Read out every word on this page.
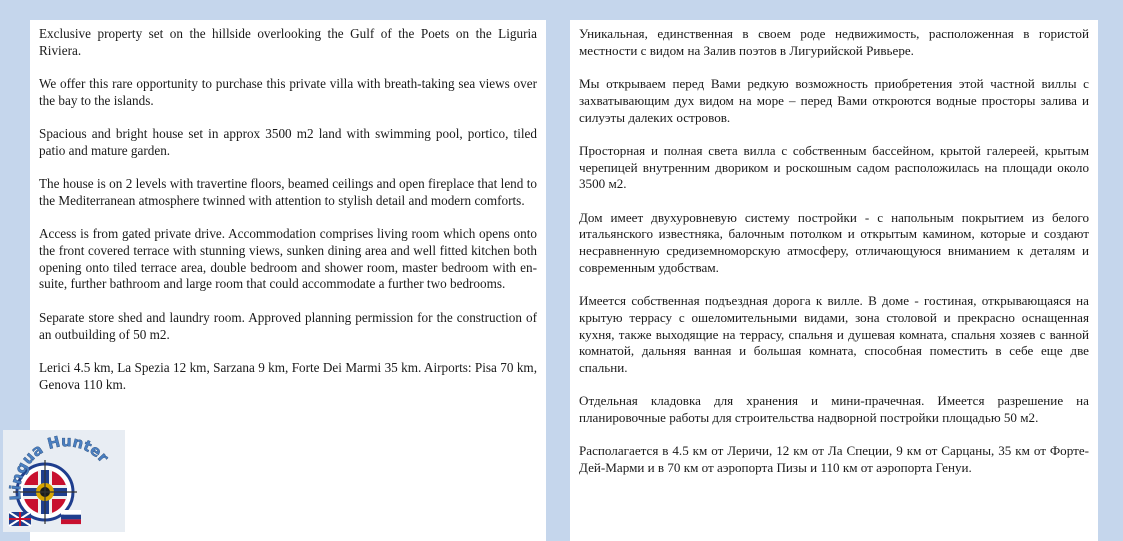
Exclusive property set on the hillside overlooking the Gulf of the Poets on the Liguria Riviera.

We offer this rare opportunity to purchase this private villa with breath-taking sea views over the bay to the islands.

Spacious and bright house set in approx 3500 m2 land with swimming pool, portico, tiled patio and mature garden.

The house is on 2 levels with travertine floors, beamed ceilings and open fireplace that lend to the Mediterranean atmosphere twinned with attention to stylish detail and modern comforts.

Access is from gated private drive. Accommodation comprises living room which opens onto the front covered terrace with stunning views, sunken dining area and well fitted kitchen both opening onto tiled terrace area, double bedroom and shower room, master bedroom with en-suite, further bathroom and large room that could accommodate a further two bedrooms.

Separate store shed and laundry room. Approved planning permission for the construction of an outbuilding of 50 m2.

Lerici 4.5 km, La Spezia 12 km, Sarzana 9 km, Forte Dei Marmi 35 km. Airports: Pisa 70 km, Genova 110 km.

Уникальная, единственная в своем роде недвижимость, расположенная в гористой местности с видом на Залив поэтов в Лигурийской Ривьере.

Мы открываем перед Вами редкую возможность приобретения этой частной виллы с захватывающим дух видом на море – перед Вами откроются водные просторы залива и силуэты далеких островов.

Просторная и полная света вилла с собственным бассейном, крытой галереей, крытым черепицей внутренним двориком и роскошным садом расположилась на площади около 3500 м2.

Дом имеет двухуровневую систему постройки - с напольным покрытием из белого итальянского известняка, балочным потолком и открытым камином, которые и создают несравненную средиземноморскую атмосферу, отличающуюся вниманием к деталям и современным удобствам.

Имеется собственная подъездная дорога к вилле. В доме - гостиная, открывающаяся на крытую террасу с ошеломительными видами, зона столовой и прекрасно оснащенная кухня, также выходящие на террасу, спальня и душевая комната, спальня хозяев с ванной комнатой, дальняя ванная и большая комната, способная поместить в себе еще две спальни.

Отдельная кладовка для хранения и мини-прачечная. Имеется разрешение на планировочные работы для строительства надворной постройки площадью 50 м2.

Располагается в 4.5 км от Леричи, 12 км от Ла Специи, 9 км от Сарцаны, 35 км от Форте-Дей-Марми и в 70 км от аэропорта Пизы и 110 км от аэропорта Генуи.

Lingua Hunter
